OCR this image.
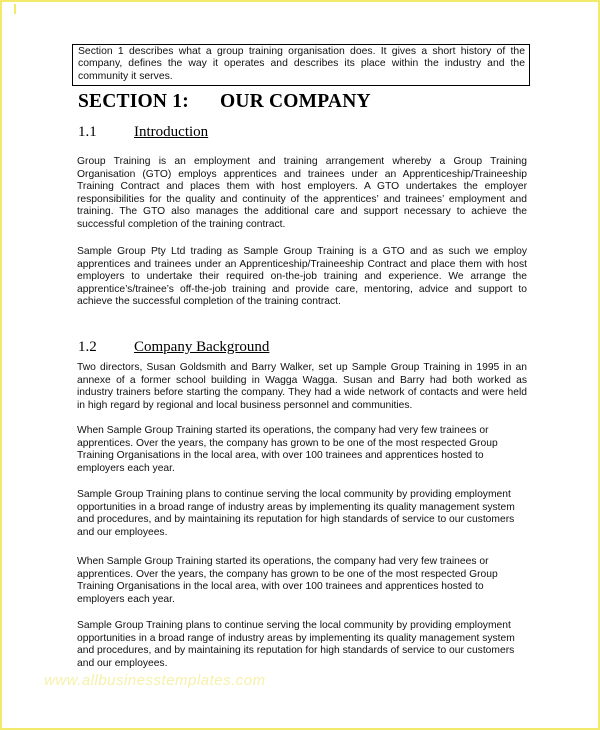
Section 1 describes what a group training organisation does. It gives a short history of the company, defines the way it operates and describes its place within the industry and the community it serves.
SECTION 1: OUR COMPANY
1.1 Introduction
Group Training is an employment and training arrangement whereby a Group Training Organisation (GTO) employs apprentices and trainees under an Apprenticeship/Traineeship Training Contract and places them with host employers. A GTO undertakes the employer responsibilities for the quality and continuity of the apprentices’ and trainees’ employment and training. The GTO also manages the additional care and support necessary to achieve the successful completion of the training contract.
Sample Group Pty Ltd trading as Sample Group Training is a GTO and as such we employ apprentices and trainees under an Apprenticeship/Traineeship Contract and place them with host employers to undertake their required on-the-job training and experience. We arrange the apprentice’s/trainee’s off-the-job training and provide care, mentoring, advice and support to achieve the successful completion of the training contract.
1.2 Company Background
Two directors, Susan Goldsmith and Barry Walker, set up Sample Group Training in 1995 in an annexe of a former school building in Wagga Wagga. Susan and Barry had both worked as industry trainers before starting the company. They had a wide network of contacts and were held in high regard by regional and local business personnel and communities.
When Sample Group Training started its operations, the company had very few trainees or apprentices. Over the years, the company has grown to be one of the most respected Group Training Organisations in the local area, with over 100 trainees and apprentices hosted to employers each year.
Sample Group Training plans to continue serving the local community by providing employment opportunities in a broad range of industry areas by implementing its quality management system and procedures, and by maintaining its reputation for high standards of service to our customers and our employees.
When Sample Group Training started its operations, the company had very few trainees or apprentices. Over the years, the company has grown to be one of the most respected Group Training Organisations in the local area, with over 100 trainees and apprentices hosted to employers each year.
Sample Group Training plans to continue serving the local community by providing employment opportunities in a broad range of industry areas by implementing its quality management system and procedures, and by maintaining its reputation for high standards of service to our customers and our employees.
www.allbusinesstemplates.com
